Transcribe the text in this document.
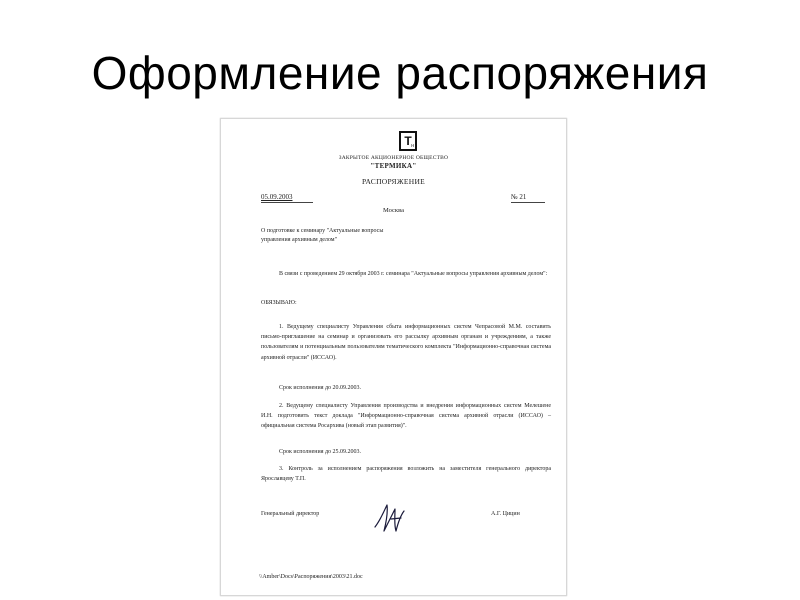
Оформление распоряжения
Т н
ЗАКРЫТОЕ АКЦИОНЕРНОЕ ОБЩЕСТВО
"ТЕРМИКА"
РАСПОРЯЖЕНИЕ
05.09.2003	№ 21
Москва
О подготовке к семинару "Актуальные вопросы управления архивным делом"
В связи с проведением 29 октября 2003 г. семинара "Актуальные вопросы управления архивным делом":
ОБЯЗЫВАЮ:
1. Ведущему специалисту Управления сбыта информационных систем Чепрасовой М.М. составить письмо-приглашение на семинар и организовать его рассылку архивным органам и учреждениям, а также пользователям и потенциальным пользователям тематического комплекта "Информационно-справочная система архивной отрасли" (ИССАО).
Срок исполнения до 20.09.2003.
2. Ведущему специалисту Управления производства и внедрения информационных систем Мелешене И.Н. подготовить текст доклада "Информационно-справочная система архивной отрасли (ИССАО) – официальная система Росархива (новый этап развития)".
Срок исполнения до 25.09.2003.
3. Контроль за исполнением распоряжения возложить на заместителя генерального директора Ярославцеву Т.П.
Генеральный директор	А.Г. Цицин
\\Amber\Docs\Распоряжения\2003\21.doc
